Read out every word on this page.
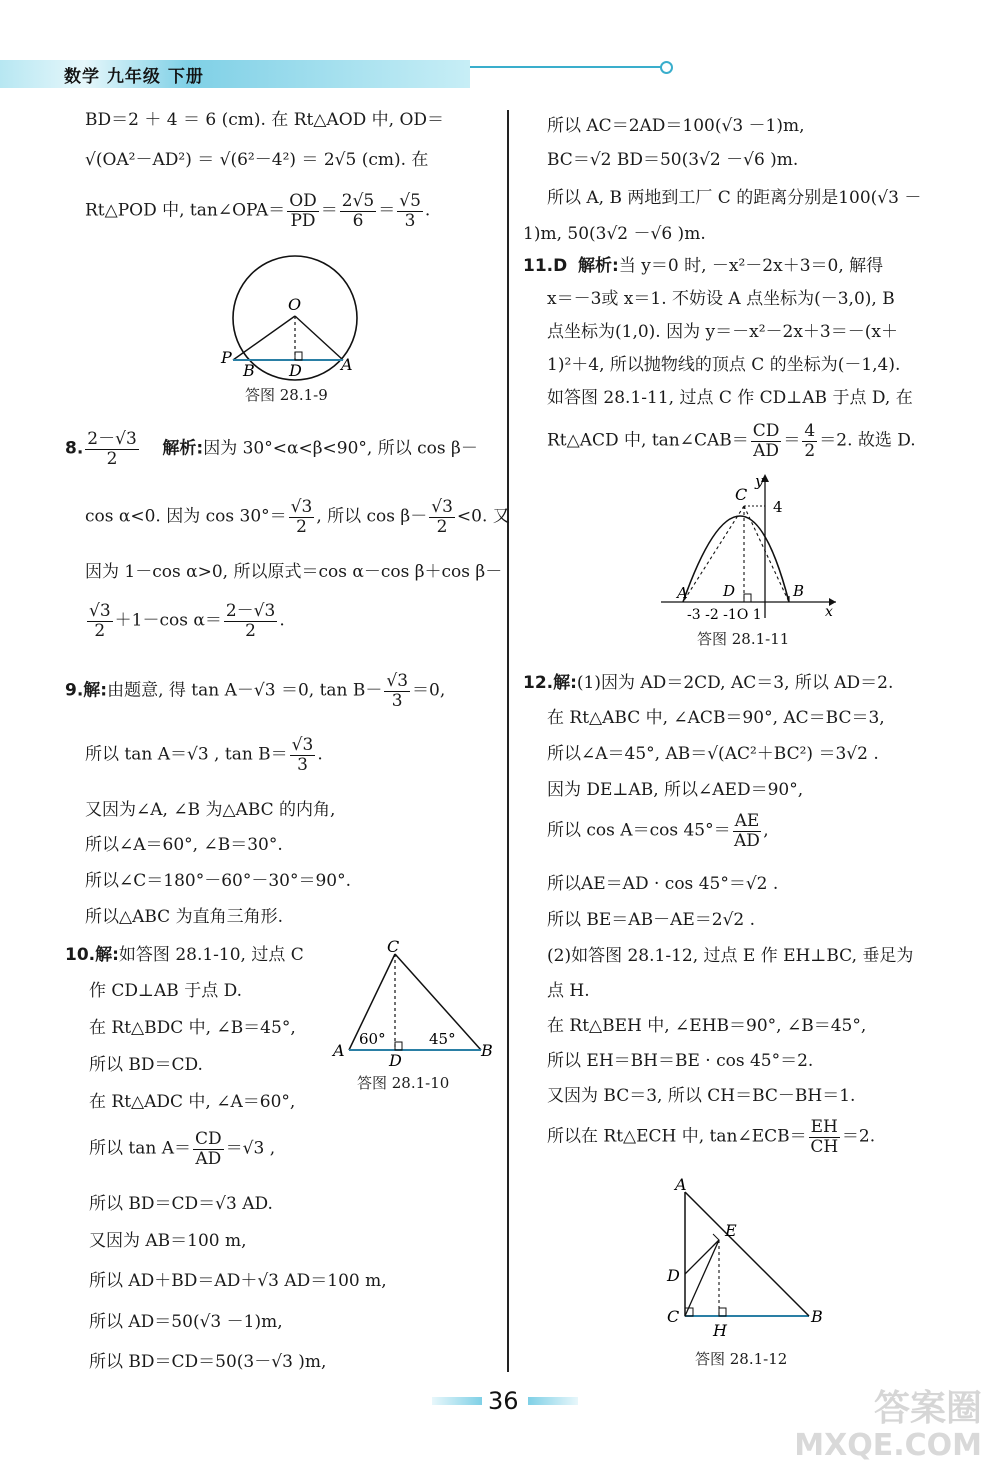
数学 九年级 下册
BD＝2 ＋ 4 ＝ 6 (cm). 在 Rt△AOD 中, OD＝
√(OA²－AD²) ＝ √(6²－4²) ＝ 2√5 (cm). 在
Rt△POD 中, tan∠OPA＝ $\frac{OD}{PD} = \frac{2√5}{6} = \frac{√5}{3}$ .
O
P
B D A
答图 28.1-9
8. $\frac{2-√3}{2}$ 解析:因为 30°<α<β<90°, 所以 cos β－
cos α<0. 因为 $\cos 30^\circ= \frac{√3}{2}$ , 所以 $\cos \beta- \frac{√3}{2} <0$. 又
因为 1－cos α>0, 所以原式＝cos α－cos β＋cos β－
$\frac{√3}{2} +1-\cos$ $\alpha= \frac{2-√3}{2}$ .
9.解:由题意, 得 tan A－√3 ＝0, $\tan B- \frac{√3}{3} =0$,
所以 tan A＝√3 , $\tan B= \frac{√3}{3}$ .
又因为∠A, ∠B 为△ABC 的内角,
所以∠A＝60°, ∠B＝30°.
所以∠C＝180°－60°－30°＝90°.
所以△ABC 为直角三角形.
10.解:如答图 28.1-10, 过点 C
作 CD⊥AB 于点 D.
在 Rt△BDC 中, ∠B＝45°,
所以 BD＝CD.
在 Rt△ADC 中, ∠A＝60°,
所以 $\tan A= \frac{CD}{AD} =√3$ ,
所以 BD＝CD＝√3 AD.
又因为 AB＝100 m,
所以 AD＋BD＝AD＋√3 AD＝100 m,
所以 AD＝50(√3 －1)m,
所以 BD＝CD＝50(3－√3 )m,
C
A
D
B
60°	45°
答图 28.1-10
所以 AC＝2AD＝100(√3 －1)m,
BC＝√2 BD＝50(3√2 －√6 )m.
所以 A, B 两地到工厂 C 的距离分别是100(√3 －
1)m, 50(3√2 －√6 )m.
11.D 解析:当 y＝0 时, －x²－2x＋3＝0, 解得
x＝－3或 x＝1. 不妨设 A 点坐标为(－3,0), B
点坐标为(1,0). 因为 y＝－x²－2x＋3＝－(x＋
1)²＋4, 所以抛物线的顶点 C 的坐标为(－1,4).
如答图 28.1-11, 过点 C 作 CD⊥AB 于点 D, 在
Rt△ACD 中, tan∠CAB＝ $\frac{CD}{AD} = \frac{4}{2} =2$. 故选 D.
C
y
4
A D	B
-3 -2 -1O 1	x
答图 28.1-11
12.解:(1)因为 AD＝2CD, AC＝3, 所以 AD＝2.
在 Rt△ABC 中, ∠ACB＝90°, AC＝BC＝3,
所以∠A＝45°, AB＝√(AC²＋BC²) ＝3√2 .
因为 DE⊥AB, 所以∠AED＝90°,
所以 cos A＝cos $45^\circ= \frac{AE}{AD}$ ,
所以AE＝AD · cos 45°＝√2 .
所以 BE＝AB－AE＝2√2 .
(2)如答图 28.1-12, 过点 E 作 EH⊥BC, 垂足为
点 H.
在 Rt△BEH 中, ∠EHB＝90°, ∠B＝45°,
所以 EH＝BH＝BE · cos 45°＝2.
又因为 BC＝3, 所以 CH＝BC－BH＝1.
所以在 Rt△ECH 中, tan∠ECB＝ $\frac{EH}{CH} =2$.
A
E
D
C
H
B
答图 28.1-12
36	答案圈
MXQE.COM
